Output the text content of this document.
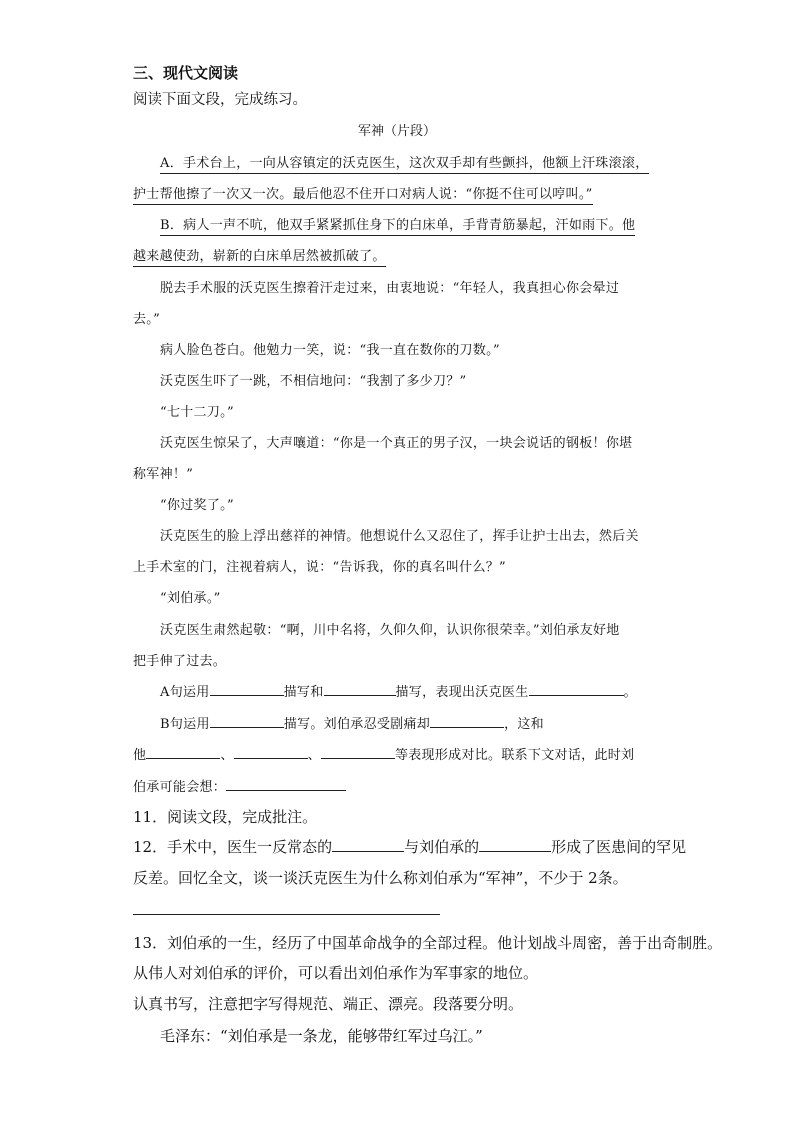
三、现代文阅读
阅读下面文段，完成练习。
军神（片段）
A．手术台上，一向从容镇定的沃克医生，这次双手却有些颤抖，他额上汗珠滚滚，
护士帮他擦了一次又一次。最后他忍不住开口对病人说：“你挺不住可以哼叫。”
B．病人一声不吭，他双手紧紧抓住身下的白床单，手背青筋暴起，汗如雨下。他
越来越使劲，崭新的白床单居然被抓破了。
脱去手术服的沃克医生擦着汗走过来，由衷地说：“年轻人，我真担心你会晕过
去。”
病人脸色苍白。他勉力一笑，说：“我一直在数你的刀数。”
沃克医生吓了一跳，不相信地问：“我割了多少刀？”
“七十二刀。”
沃克医生惊呆了，大声嚷道：“你是一个真正的男子汉，一块会说话的钢板！你堪
称军神！”
“你过奖了。”
沃克医生的脸上浮出慈祥的神情。他想说什么又忍住了，挥手让护士出去，然后关
上手术室的门，注视着病人，说：“告诉我，你的真名叫什么？”
“刘伯承。”
沃克医生肃然起敬：“啊，川中名将，久仰久仰，认识你很荣幸。”刘伯承友好地
把手伸了过去。
A句运用	描写和	描写，表现出沃克医生	。
B句运用	描写。刘伯承忍受剧痛却	，这和
他	、	、	等表现形成对比。联系下文对话，此时刘
伯承可能会想：
11．阅读文段，完成批注。
12．手术中，医生一反常态的	与刘伯承的	形成了医患间的罕见
反差。回忆全文，谈一谈沃克医生为什么称刘伯承为“军神”，不少于 2条。
13．刘伯承的一生，经历了中国革命战争的全部过程。他计划战斗周密，善于出奇制胜。
从伟人对刘伯承的评价，可以看出刘伯承作为军事家的地位。
认真书写，注意把字写得规范、端正、漂亮。段落要分明。
毛泽东：“刘伯承是一条龙，能够带红军过乌江。”
